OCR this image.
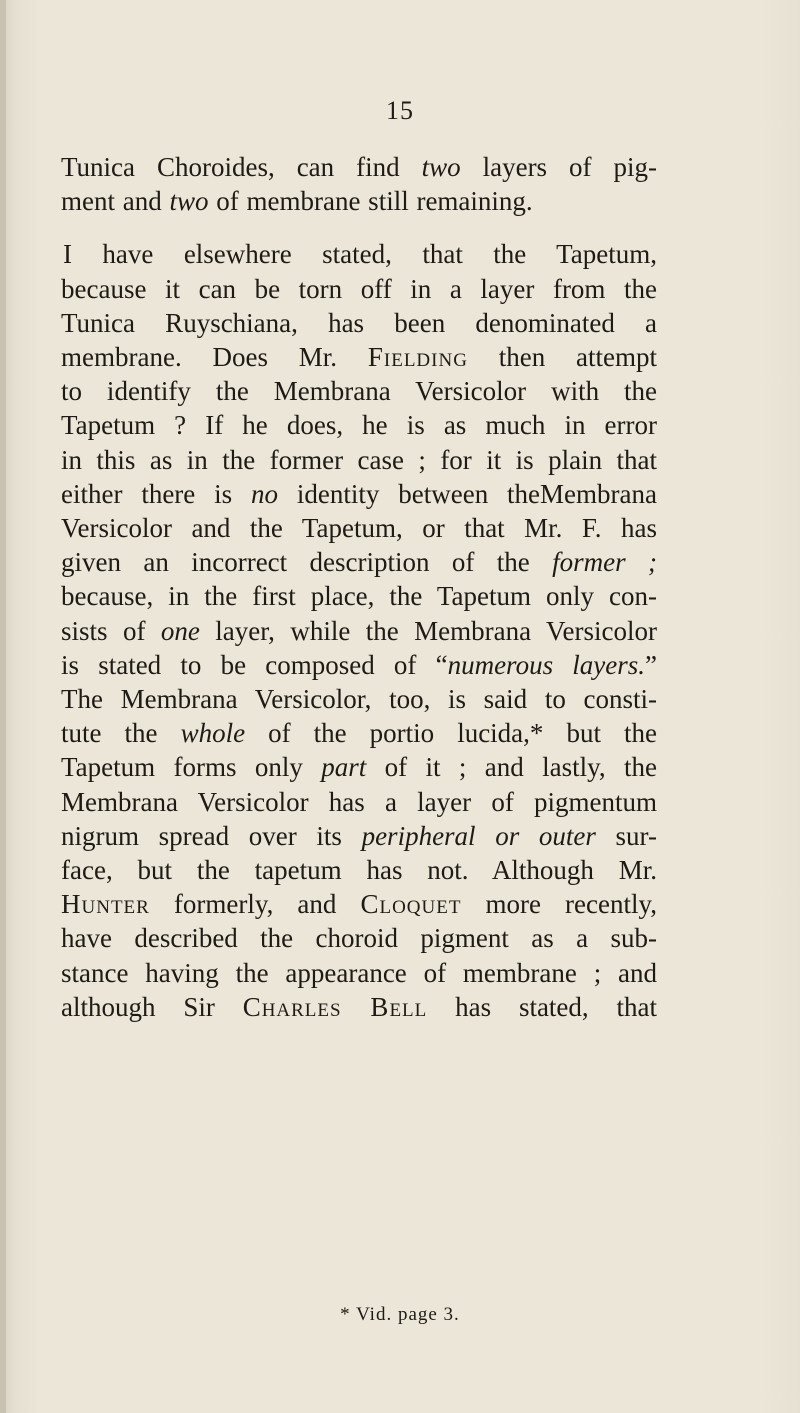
15
Tunica Choroides, can find two layers of pig-
ment and two of membrane still remaining.
I have elsewhere stated, that the Tapetum,
because it can be torn off in a layer from the
Tunica Ruyschiana, has been denominated a
membrane. Does Mr. Fielding then attempt
to identify the Membrana Versicolor with the
Tapetum ? If he does, he is as much in error
in this as in the former case ; for it is plain that
either there is no identity between theMembrana
Versicolor and the Tapetum, or that Mr. F. has
given an incorrect description of the former ;
because, in the first place, the Tapetum only con-
sists of one layer, while the Membrana Versicolor
is stated to be composed of “numerous layers.”
The Membrana Versicolor, too, is said to consti-
tute the whole of the portio lucida,* but the
Tapetum forms only part of it ; and lastly, the
Membrana Versicolor has a layer of pigmentum
nigrum spread over its peripheral or outer sur-
face, but the tapetum has not. Although Mr.
Hunter formerly, and Cloquet more recently,
have described the choroid pigment as a sub-
stance having the appearance of membrane ; and
although Sir Charles Bell has stated, that
* Vid. page 3.
